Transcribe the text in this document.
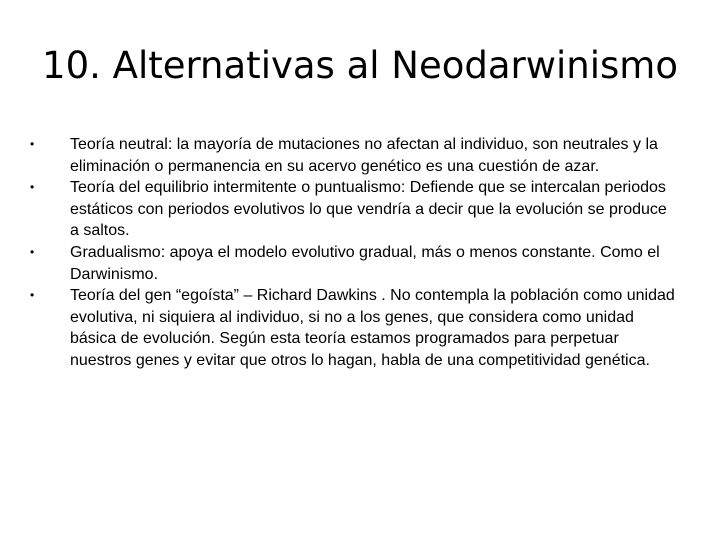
10. Alternativas al Neodarwinismo
• Teoría neutral: la mayoría de mutaciones no afectan al individuo, son neutrales y la eliminación o permanencia en su acervo genético es una cuestión de azar.
• Teoría del equilibrio intermitente o puntualismo: Defiende que se intercalan periodos estáticos con periodos evolutivos lo que vendría a decir que la evolución se produce a saltos.
• Gradualismo: apoya el modelo evolutivo gradual, más o menos constante. Como el Darwinismo.
• Teoría del gen “egoísta” – Richard Dawkins . No contempla la población como unidad evolutiva, ni siquiera al individuo, si no a los genes, que considera como unidad básica de evolución. Según esta teoría estamos programados para perpetuar nuestros genes y evitar que otros lo hagan, habla de una competitividad genética.
